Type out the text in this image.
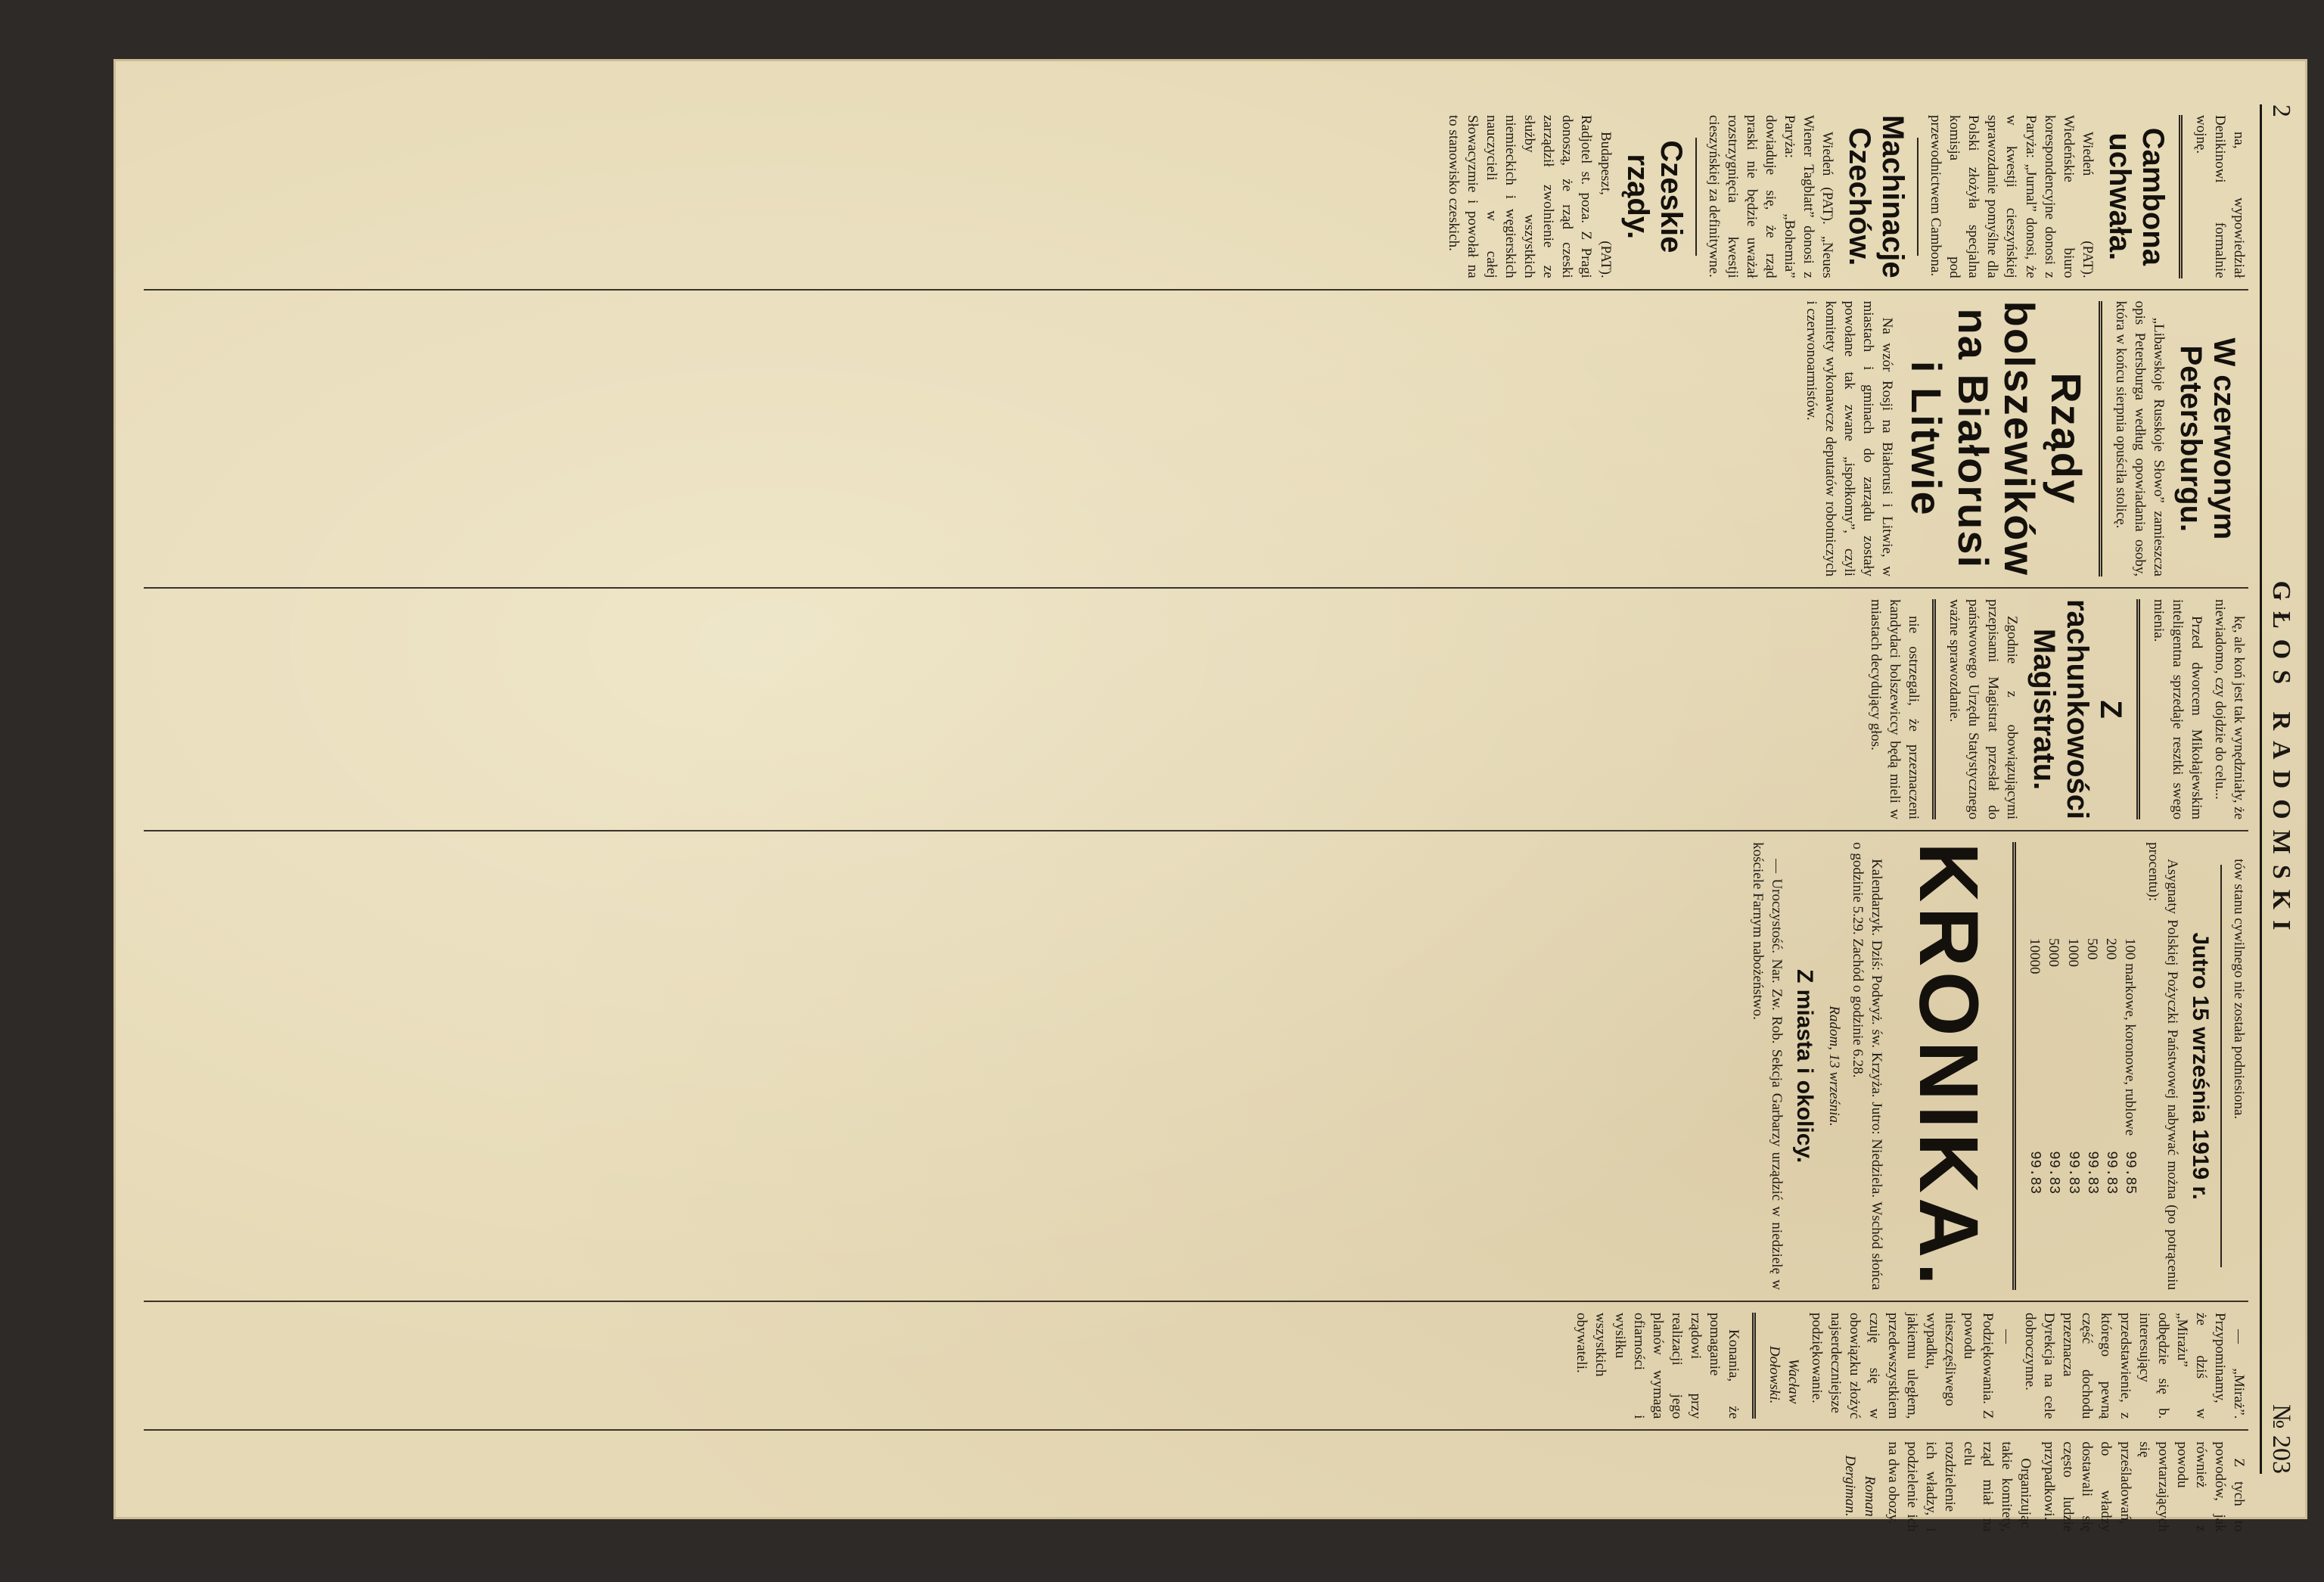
2
GŁOS RADOMSKI
№ 203

na, wypowiedział Denikinowi formalnie wojnę.

Cambona uchwała.

Wiedeń (PAT). Wiedeńskie biuro korespondencyjne donosi z Paryża: „Jurnal” donosi, że w kwestji cieszyńskiej sprawozdanie pomyślne dla Polski złożyła specjalna komisja pod przewodnictwem Cambona.

Machinacje Czechów.

Wiedeń (PAT). „Neues Wiener Tagblatt” donosi z Paryża: „Bohemia” dowiaduje się, że rząd praski nie będzie uważał rozstrzygnięcia kwestji cieszyńskiej za definitywne.

Czeskie rządy.

Budapeszt, (PAT). Radjotel st. poza. Z Pragi donoszą, że rząd czeski zarządził zwolnienie ze służby wszystkich niemieckich i węgierskich nauczycieli w całej Słowacyzmie i powołał na to stanowisko czeskich.

W czerwonym Petersburgu.

„Libawskoje Russkoje Słowo” zamieszcza opis Petersburga według opowiadania osoby, która w końcu sierpnia opuściła stolicę.

Rządy bolszewików na Białorusi i Litwie

Na wzór Rosji na Białorusi i Litwie, w miastach i gminach do zarządu zostały powołane tak zwane „ispołkomy”, czyli komitety wykonawcze deputatów robotniczych i czerwonoarmistów.

kę, ale koń jest tak wynędzniały, że niewiadomo, czy dojdzie do celu...

Przed dworcem Mikołajewskim inteligentna sprzedaje resztki swego mienia.

Z rachunkowości Magistratu.

Zgodnie z obowiązującymi przepisami Magistrat przesłał do państwowego Urzędu Statystycznego ważne sprawozdanie.

nie ostrzegali, że przeznaczeni kandydaci bolszewiccy będą mieli w miastach decydujący głos.

tów stanu cywilnego nie została podniesiona.

Jutro 15 września 1919 r.

Asygnaty Polskiej Pożyczki Państwowej nabywać można (po potrąceniu procentu):

100 markowe, koronowe, rublowe	99.85
200	99.83
500	99.83
1000	99.83
5000	99.83
10000	99.83
KRONIKA.

Kalendarzyk. Dziś: Podwyż. św. Krzyża. Jutro: Niedziela. Wschód słońca o godzinie 5.29. Zachód o godzinie 6.28.

Radom, 13 września.
Z miasta i okolicy.

— Uroczystość. Nar. Zw. Rob. Sekcja Garbarzy urządzić w niedzielę w kościele Farnym nabożeństwo.

— „Miraż”. Przypominamy, że dziś w „Mirażu” odbędzie się b. interesujący przedstawienie, z którego pewną część dochodu przeznacza Dyrekcja na cele dobroczynne.

— Podziękowania. Z powodu nieszczęśliwego wypadku, jakiemu uległem, przedewszystkiem czuję się w obowiązku złożyć najserdeczniejsze podziękowanie.

Wacław Dołowski.

Konania, że pomaganie rządowi przy realizacji jego planów wymaga ofiarności i wysiłku wszystkich obywateli.

Z tych to powodów, jak również z powodu powtarzających się prześladowań, do władzy dostawali się często ludzie przypadkowi.

Organizując takie komitety, rząd miał na celu rozdzielenie ich władzy, i podzielenie ich na dwa obozy.

Roman Dergiman.
